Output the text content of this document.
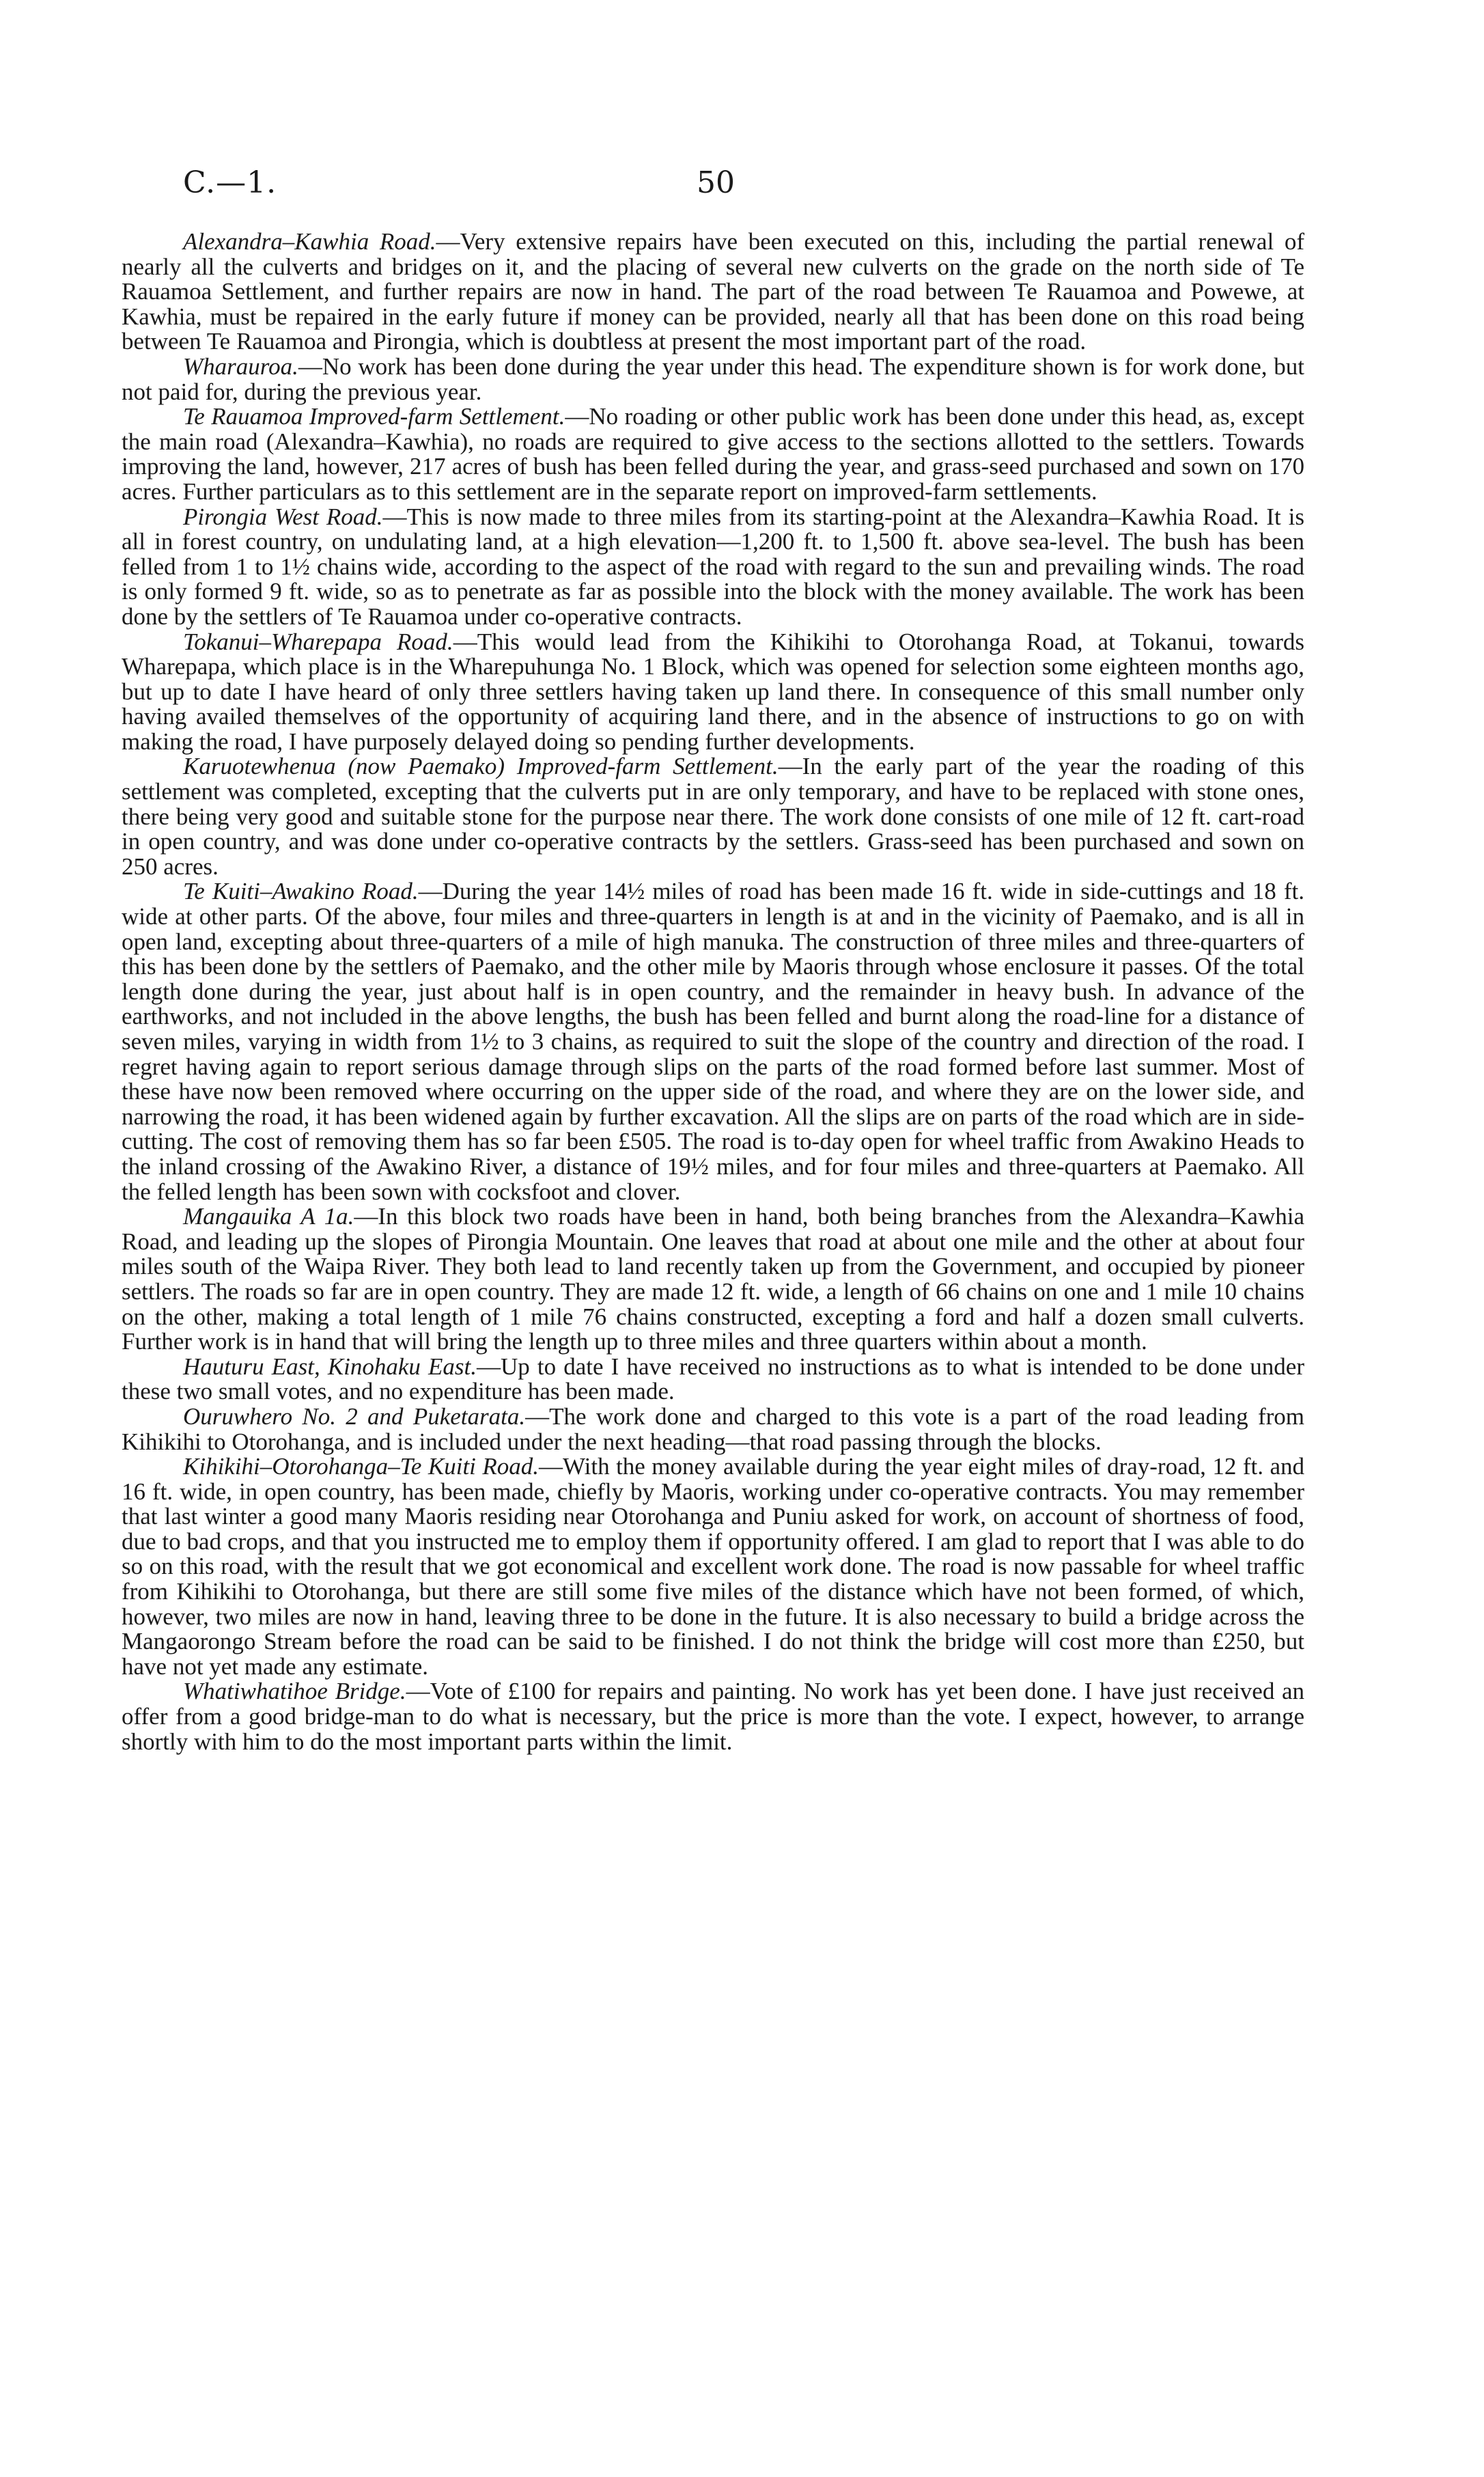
C.—1.	50

Alexandra–Kawhia Road.—Very extensive repairs have been executed on this, including the partial renewal of nearly all the culverts and bridges on it, and the placing of several new culverts on the grade on the north side of Te Rauamoa Settlement, and further repairs are now in hand. The part of the road between Te Rauamoa and Powewe, at Kawhia, must be repaired in the early future if money can be provided, nearly all that has been done on this road being between Te Rauamoa and Pirongia, which is doubtless at present the most important part of the road.

Wharauroa.—No work has been done during the year under this head. The expenditure shown is for work done, but not paid for, during the previous year.

Te Rauamoa Improved-farm Settlement.—No roading or other public work has been done under this head, as, except the main road (Alexandra–Kawhia), no roads are required to give access to the sections allotted to the settlers. Towards improving the land, however, 217 acres of bush has been felled during the year, and grass-seed purchased and sown on 170 acres. Further particulars as to this settlement are in the separate report on improved-farm settlements.

Pirongia West Road.—This is now made to three miles from its starting-point at the Alexandra–Kawhia Road. It is all in forest country, on undulating land, at a high elevation—1,200 ft. to 1,500 ft. above sea-level. The bush has been felled from 1 to 1½ chains wide, according to the aspect of the road with regard to the sun and prevailing winds. The road is only formed 9 ft. wide, so as to penetrate as far as possible into the block with the money available. The work has been done by the settlers of Te Rauamoa under co-operative contracts.

Tokanui–Wharepapa Road.—This would lead from the Kihikihi to Otorohanga Road, at Tokanui, towards Wharepapa, which place is in the Wharepuhunga No. 1 Block, which was opened for selection some eighteen months ago, but up to date I have heard of only three settlers having taken up land there. In consequence of this small number only having availed themselves of the opportunity of acquiring land there, and in the absence of instructions to go on with making the road, I have purposely delayed doing so pending further developments.

Karuotewhenua (now Paemako) Improved-farm Settlement.—In the early part of the year the roading of this settlement was completed, excepting that the culverts put in are only temporary, and have to be replaced with stone ones, there being very good and suitable stone for the purpose near there. The work done consists of one mile of 12 ft. cart-road in open country, and was done under co-operative contracts by the settlers. Grass-seed has been purchased and sown on 250 acres.

Te Kuiti–Awakino Road.—During the year 14½ miles of road has been made 16 ft. wide in side-cuttings and 18 ft. wide at other parts. Of the above, four miles and three-quarters in length is at and in the vicinity of Paemako, and is all in open land, excepting about three-quarters of a mile of high manuka. The construction of three miles and three-quarters of this has been done by the settlers of Paemako, and the other mile by Maoris through whose enclosure it passes. Of the total length done during the year, just about half is in open country, and the remainder in heavy bush. In advance of the earthworks, and not included in the above lengths, the bush has been felled and burnt along the road-line for a distance of seven miles, varying in width from 1½ to 3 chains, as required to suit the slope of the country and direction of the road. I regret having again to report serious damage through slips on the parts of the road formed before last summer. Most of these have now been removed where occurring on the upper side of the road, and where they are on the lower side, and narrowing the road, it has been widened again by further excavation. All the slips are on parts of the road which are in side-cutting. The cost of removing them has so far been £505. The road is to-day open for wheel traffic from Awakino Heads to the inland crossing of the Awakino River, a distance of 19½ miles, and for four miles and three-quarters at Paemako. All the felled length has been sown with cocksfoot and clover.

Mangauika A 1a.—In this block two roads have been in hand, both being branches from the Alexandra–Kawhia Road, and leading up the slopes of Pirongia Mountain. One leaves that road at about one mile and the other at about four miles south of the Waipa River. They both lead to land recently taken up from the Government, and occupied by pioneer settlers. The roads so far are in open country. They are made 12 ft. wide, a length of 66 chains on one and 1 mile 10 chains on the other, making a total length of 1 mile 76 chains constructed, excepting a ford and half a dozen small culverts. Further work is in hand that will bring the length up to three miles and three quarters within about a month.

Hauturu East, Kinohaku East.—Up to date I have received no instructions as to what is intended to be done under these two small votes, and no expenditure has been made.

Ouruwhero No. 2 and Puketarata.—The work done and charged to this vote is a part of the road leading from Kihikihi to Otorohanga, and is included under the next heading—that road passing through the blocks.

Kihikihi–Otorohanga–Te Kuiti Road.—With the money available during the year eight miles of dray-road, 12 ft. and 16 ft. wide, in open country, has been made, chiefly by Maoris, working under co-operative contracts. You may remember that last winter a good many Maoris residing near Otorohanga and Puniu asked for work, on account of shortness of food, due to bad crops, and that you instructed me to employ them if opportunity offered. I am glad to report that I was able to do so on this road, with the result that we got economical and excellent work done. The road is now passable for wheel traffic from Kihikihi to Otorohanga, but there are still some five miles of the distance which have not been formed, of which, however, two miles are now in hand, leaving three to be done in the future. It is also necessary to build a bridge across the Mangaorongo Stream before the road can be said to be finished. I do not think the bridge will cost more than £250, but have not yet made any estimate.

Whatiwhatihoe Bridge.—Vote of £100 for repairs and painting. No work has yet been done. I have just received an offer from a good bridge-man to do what is necessary, but the price is more than the vote. I expect, however, to arrange shortly with him to do the most important parts within the limit.
